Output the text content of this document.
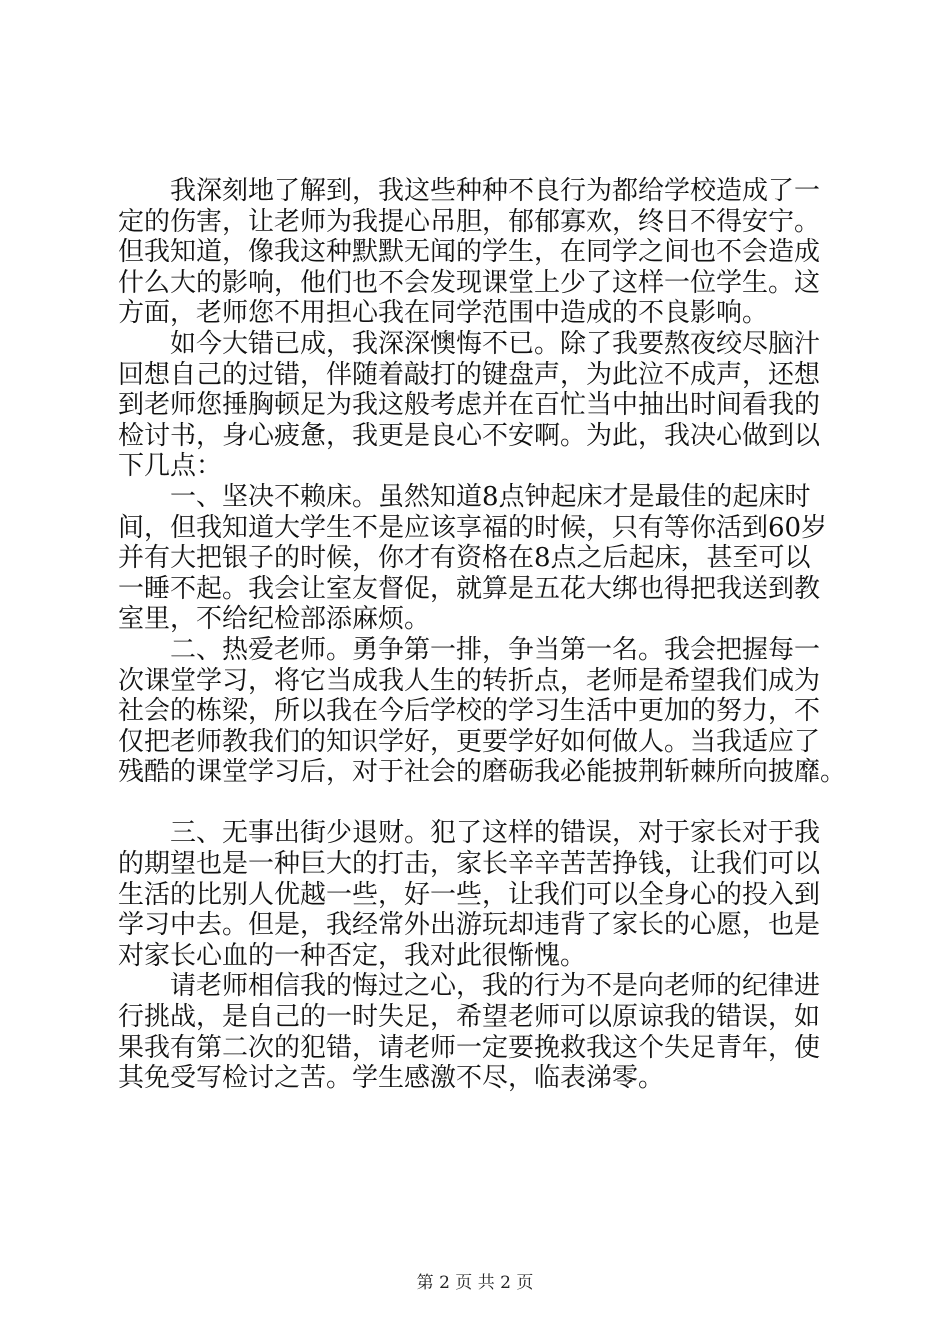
我深刻地了解到，我这些种种不良行为都给学校造成了一

定的伤害，让老师为我提心吊胆，郁郁寡欢，终日不得安宁。

但我知道，像我这种默默无闻的学生，在同学之间也不会造成

什么大的影响，他们也不会发现课堂上少了这样一位学生。这

方面，老师您不用担心我在同学范围中造成的不良影响。

如今大错已成，我深深懊悔不已。除了我要熬夜绞尽脑汁

回想自己的过错，伴随着敲打的键盘声，为此泣不成声，还想

到老师您捶胸顿足为我这般考虑并在百忙当中抽出时间看我的

检讨书，身心疲惫，我更是良心不安啊。为此，我决心做到以

下几点：

一、坚决不赖床。虽然知道8点钟起床才是最佳的起床时

间，但我知道大学生不是应该享福的时候，只有等你活到60岁

并有大把银子的时候，你才有资格在8点之后起床，甚至可以

一睡不起。我会让室友督促，就算是五花大绑也得把我送到教

室里，不给纪检部添麻烦。

二、热爱老师。勇争第一排，争当第一名。我会把握每一

次课堂学习，将它当成我人生的转折点，老师是希望我们成为

社会的栋梁，所以我在今后学校的学习生活中更加的努力，不

仅把老师教我们的知识学好，更要学好如何做人。当我适应了

残酷的课堂学习后，对于社会的磨砺我必能披荆斩棘所向披靡。

三、无事出街少退财。犯了这样的错误，对于家长对于我

的期望也是一种巨大的打击，家长辛辛苦苦挣钱，让我们可以

生活的比别人优越一些，好一些，让我们可以全身心的投入到

学习中去。但是，我经常外出游玩却违背了家长的心愿，也是

对家长心血的一种否定，我对此很惭愧。

请老师相信我的悔过之心，我的行为不是向老师的纪律进

行挑战，是自己的一时失足，希望老师可以原谅我的错误，如

果我有第二次的犯错，请老师一定要挽救我这个失足青年，使

其免受写检讨之苦。学生感激不尽，临表涕零。

第 2 页 共 2 页
